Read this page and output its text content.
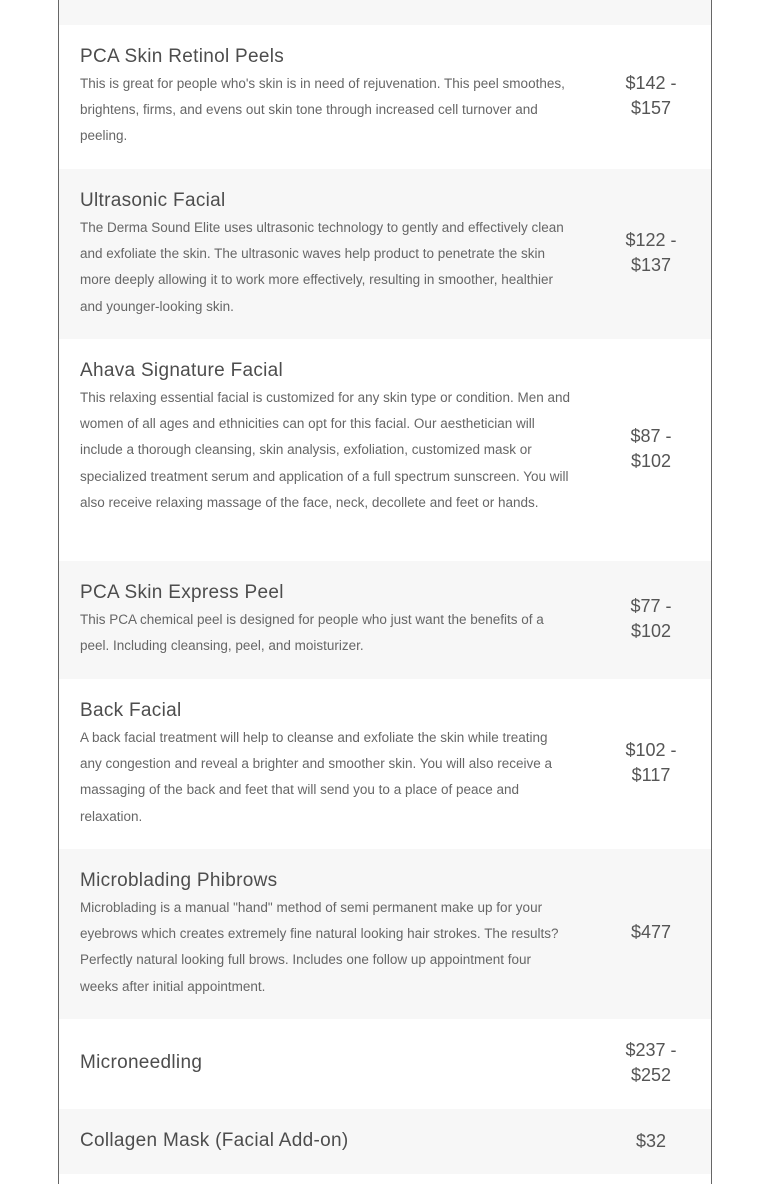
PCA Skin Retinol Peels
This is great for people who's skin is in need of rejuvenation. This peel smoothes, brightens, firms, and evens out skin tone through increased cell turnover and peeling.
$142 -
$157
Ultrasonic Facial
The Derma Sound Elite uses ultrasonic technology to gently and effectively clean and exfoliate the skin. The ultrasonic waves help product to penetrate the skin more deeply allowing it to work more effectively, resulting in smoother, healthier and younger-looking skin.
$122 -
$137
Ahava Signature Facial
This relaxing essential facial is customized for any skin type or condition. Men and women of all ages and ethnicities can opt for this facial. Our aesthetician will include a thorough cleansing, skin analysis, exfoliation, customized mask or specialized treatment serum and application of a full spectrum sunscreen. You will also receive relaxing massage of the face, neck, decollete and feet or hands.
$87 -
$102
PCA Skin Express Peel
This PCA chemical peel is designed for people who just want the benefits of a peel. Including cleansing, peel, and moisturizer.
$77 -
$102
Back Facial
A back facial treatment will help to cleanse and exfoliate the skin while treating any congestion and reveal a brighter and smoother skin. You will also receive a massaging of the back and feet that will send you to a place of peace and relaxation.
$102 -
$117
Microblading Phibrows
Microblading is a manual "hand" method of semi permanent make up for your eyebrows which creates extremely fine natural looking hair strokes. The results? Perfectly natural looking full brows. Includes one follow up appointment four weeks after initial appointment.
$477
Microneedling
$237 -
$252
Collagen Mask (Facial Add-on)	$32
